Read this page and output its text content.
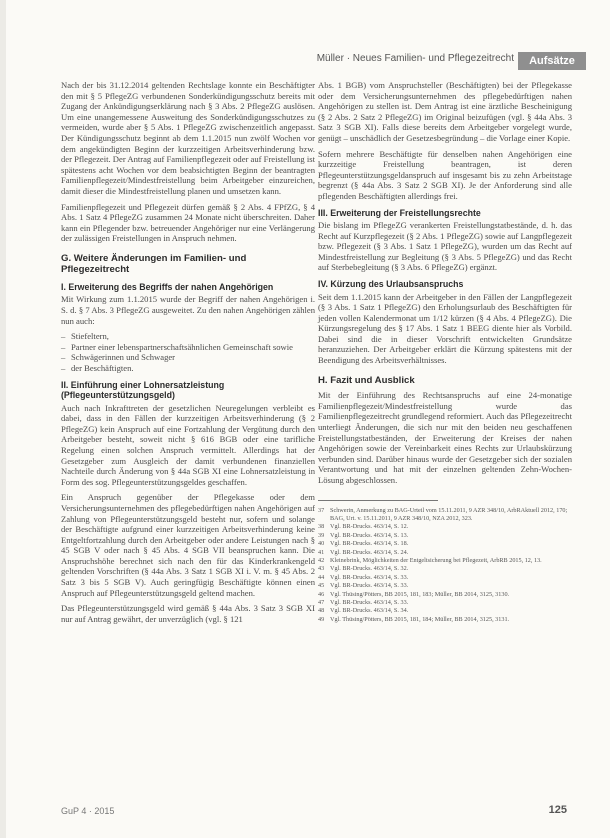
Müller · Neues Familien- und Pflegezeitrecht	Aufsätze

Nach der bis 31.12.2014 geltenden Rechtslage konnte ein Beschäftigter den mit § 5 PflegeZG verbundenen Sonderkündigungsschutz bereits mit Zugang der Ankündigungserklärung nach § 3 Abs. 2 PflegeZG auslösen. Um eine unangemessene Ausweitung des Sonderkündigungsschutzes zu vermeiden, wurde aber § 5 Abs. 1 PflegeZG zwischenzeitlich angepasst. Der Kündigungsschutz beginnt ab dem 1.1.2015 nun zwölf Wochen vor dem angekündigten Beginn der kurzzeitigen Arbeitsverhinderung bzw. der Pflegezeit. Der Antrag auf Familienpflegezeit oder auf Freistellung ist spätestens acht Wochen vor dem beabsichtigten Beginn der beantragten Familienpflegezeit/Mindestfreistellung beim Arbeitgeber einzureichen, damit dieser die Mindestfreistellung planen und umsetzen kann.

Familienpflegezeit und Pflegezeit dürfen gemäß § 2 Abs. 4 FPfZG, § 4 Abs. 1 Satz 4 PflegeZG zusammen 24 Monate nicht überschreiten. Daher kann ein Pflegender bzw. betreuender Angehöriger nur eine Verlängerung der zulässigen Freistellungen in Anspruch nehmen.

G. Weitere Änderungen im Familien- und Pflegezeitrecht
I. Erweiterung des Begriffs der nahen Angehörigen

Mit Wirkung zum 1.1.2015 wurde der Begriff der nahen Angehörigen i. S. d. § 7 Abs. 3 PflegeZG ausgeweitet. Zu den nahen Angehörigen zählen nun auch:

– Stiefeltern,
– Partner einer lebenspartnerschaftsähnlichen Gemeinschaft sowie
– Schwägerinnen und Schwager
– der Beschäftigten.
II. Einführung einer Lohnersatzleistung (Pflegeunterstützungsgeld)

Auch nach Inkrafttreten der gesetzlichen Neuregelungen verbleibt es dabei, dass in den Fällen der kurzzeitigen Arbeitsverhinderung (§ 2 PflegeZG) kein Anspruch auf eine Fortzahlung der Vergütung durch den Arbeitgeber besteht, soweit nicht § 616 BGB oder eine tarifliche Regelung einen solchen Anspruch vermittelt. Allerdings hat der Gesetzgeber zum Ausgleich der damit verbundenen finanziellen Nachteile durch Änderung von § 44a SGB XI eine Lohnersatzleistung in Form des sog. Pflegeunterstützungsgeldes geschaffen.

Ein Anspruch gegenüber der Pflegekasse oder dem Versicherungsunternehmen des pflegebedürftigen nahen Angehörigen auf Zahlung von Pflegeunterstützungsgeld besteht nur, sofern und solange der Beschäftigte aufgrund einer kurzzeitigen Arbeitsverhinderung keine Entgeltfortzahlung durch den Arbeitgeber oder andere Leistungen nach § 45 SGB V oder nach § 45 Abs. 4 SGB VII beanspruchen kann. Die Anspruchshöhe berechnet sich nach den für das Kinderkrankengeld geltenden Vorschriften (§ 44a Abs. 3 Satz 1 SGB XI i. V. m. § 45 Abs. 2 Satz 3 bis 5 SGB V). Auch geringfügig Beschäftigte können einen Anspruch auf Pflegeunterstützungsgeld geltend machen.

Das Pflegeunterstützungsgeld wird gemäß § 44a Abs. 3 Satz 3 SGB XI nur auf Antrag gewährt, der unverzüglich (vgl. § 121

Abs. 1 BGB) vom Anspruchsteller (Beschäftigten) bei der Pflegekasse oder dem Versicherungsunternehmen des pflegebedürftigen nahen Angehörigen zu stellen ist. Dem Antrag ist eine ärztliche Bescheinigung (§ 2 Abs. 2 Satz 2 PflegeZG) im Original beizufügen (vgl. § 44a Abs. 3 Satz 3 SGB XI). Falls diese bereits dem Arbeitgeber vorgelegt wurde, genügt – unschädlich der Gesetzesbegründung – die Vorlage einer Kopie.

Sofern mehrere Beschäftigte für denselben nahen Angehörigen eine kurzzeitige Freistellung beantragen, ist deren Pflegeunterstützungsgeldanspruch auf insgesamt bis zu zehn Arbeitstage begrenzt (§ 44a Abs. 3 Satz 2 SGB XI). Je der Anforderung sind alle pflegenden Beschäftigten allerdings frei.

III. Erweiterung der Freistellungsrechte

Die bislang im PflegeZG verankerten Freistellungstatbestände, d. h. das Recht auf Kurzpflegezeit (§ 2 Abs. 1 PflegeZG) sowie auf Langpflegezeit bzw. Pflegezeit (§ 3 Abs. 1 Satz 1 PflegeZG), wurden um das Recht auf Mindestfreistellung zur Begleitung (§ 3 Abs. 5 PflegeZG) und das Recht auf Sterbebegleitung (§ 3 Abs. 6 PflegeZG) ergänzt.

IV. Kürzung des Urlaubsanspruchs

Seit dem 1.1.2015 kann der Arbeitgeber in den Fällen der Langpflegezeit (§ 3 Abs. 1 Satz 1 PflegeZG) den Erholungsurlaub des Beschäftigten für jeden vollen Kalendermonat um 1/12 kürzen (§ 4 Abs. 4 PflegeZG). Die Kürzungsregelung des § 17 Abs. 1 Satz 1 BEEG diente hier als Vorbild. Dabei sind die in dieser Vorschrift entwickelten Grundsätze heranzuziehen. Der Arbeitgeber erklärt die Kürzung spätestens mit der Beendigung des Arbeitsverhältnisses.

H. Fazit und Ausblick

Mit der Einführung des Rechtsanspruchs auf eine 24-monatige Familienpflegezeit/Mindestfreistellung wurde das Familienpflegezeitrecht grundlegend reformiert. Auch das Pflegezeitrecht unterliegt Änderungen, die sich nur mit den beiden neu geschaffenen Freistellungstatbeständen, der Erweiterung der Kreises der nahen Angehörigen sowie der Vereinbarkeit eines Rechts zur Urlaubskürzung verbunden sind. Darüber hinaus wurde der Gesetzgeber sich der sozialen Verantwortung und hat mit der einzelnen geltenden Zehn-Wochen-Lösung abgeschlossen.

37 Schwerin, Anmerkung zu BAG-Urteil vom 15.11.2011, 9 AZR 348/10, ArbRAktuell 2012, 170; BAG, Urt. v. 15.11.2011, 9 AZR 348/10, NZA 2012, 323.

38 Vgl. BR-Drucks. 463/14, S. 12.

39 Vgl. BR-Drucks. 463/14, S. 13.

40 Vgl. BR-Drucks. 463/14, S. 18.

41 Vgl. BR-Drucks. 463/14, S. 24.

42 Kleinebrink, Möglichkeiten der Entgeltsicherung bei Pflegezeit, ArbRB 2015, 12, 13.

43 Vgl. BR-Drucks. 463/14, S. 32.

44 Vgl. BR-Drucks. 463/14, S. 33.

45 Vgl. BR-Drucks. 463/14, S. 33.

46 Vgl. Thüsing/Pötters, BB 2015, 181, 183; Müller, BB 2014, 3125, 3130.

47 Vgl. BR-Drucks. 463/14, S. 33.

48 Vgl. BR-Drucks. 463/14, S. 34.

49 Vgl. Thüsing/Pötters, BB 2015, 181, 184; Müller, BB 2014, 3125, 3131.

GuP 4 · 2015	125
